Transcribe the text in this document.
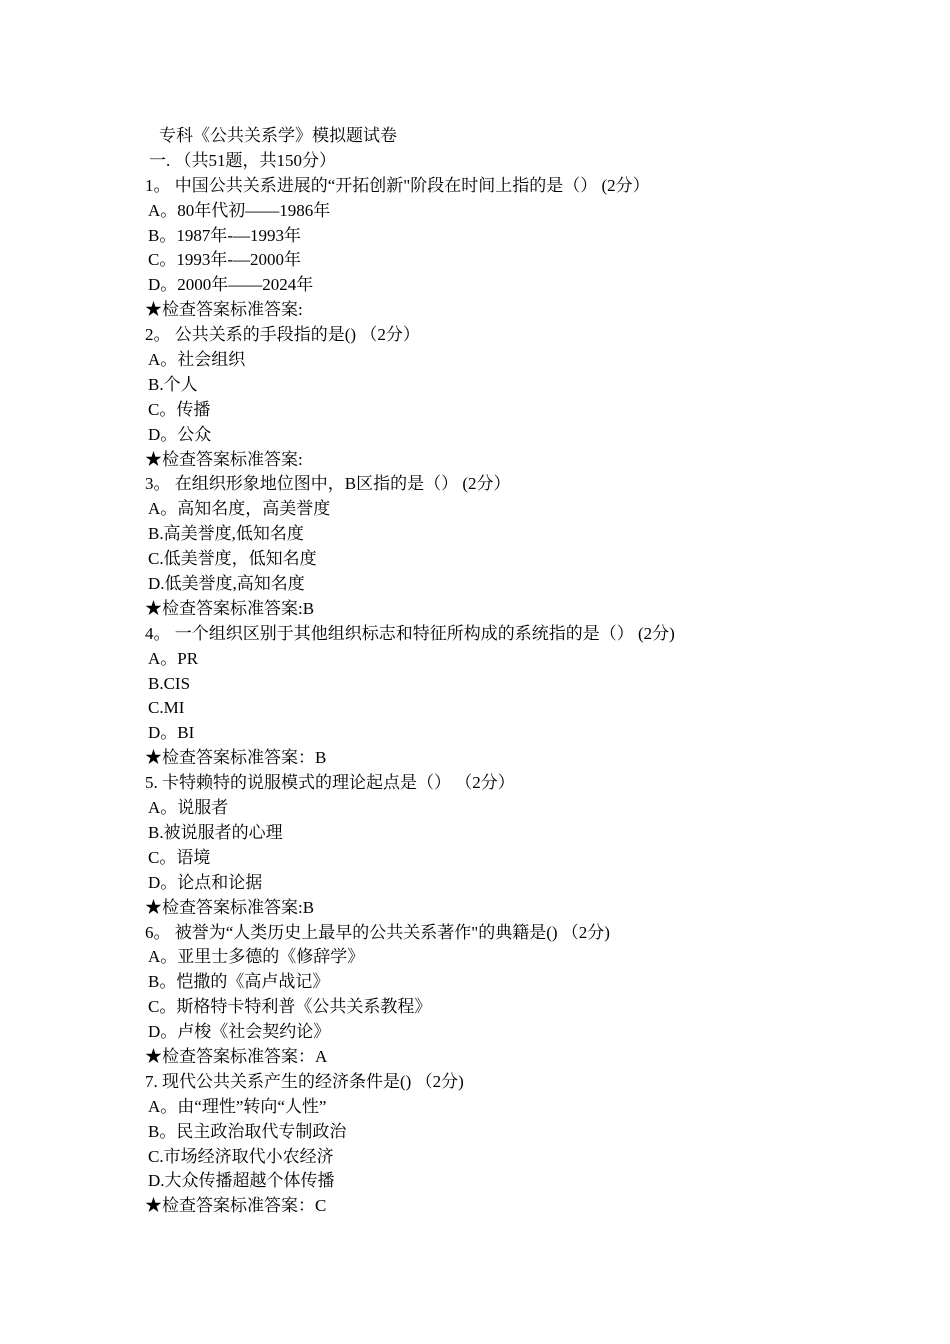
专科《公共关系学》模拟题试卷
一. （共51题，共150分）
1。 中国公共关系进展的“开拓创新"阶段在时间上指的是（） (2分）
A。80年代初——1986年
B。1987年-—1993年
C。1993年-—2000年
D。2000年——2024年
★检查答案标准答案:
2。 公共关系的手段指的是() （2分）
A。社会组织
B.个人
C。传播
D。公众
★检查答案标准答案:
3。 在组织形象地位图中，B区指的是（） (2分）
A。高知名度，高美誉度
B.高美誉度,低知名度
C.低美誉度，低知名度
D.低美誉度,高知名度
★检查答案标准答案:B
4。 一个组织区别于其他组织标志和特征所构成的系统指的是（） (2分)
A。PR
B.CIS
C.MI
D。BI
★检查答案标准答案：B
5. 卡特赖特的说服模式的理论起点是（） （2分）
A。说服者
B.被说服者的心理
C。语境
D。论点和论据
★检查答案标准答案:B
6。 被誉为“人类历史上最早的公共关系著作"的典籍是() （2分)
A。亚里士多德的《修辞学》
B。恺撒的《高卢战记》
C。斯格特卡特利普《公共关系教程》
D。卢梭《社会契约论》
★检查答案标准答案：A
7. 现代公共关系产生的经济条件是() （2分)
A。由“理性”转向“人性”
B。民主政治取代专制政治
C.市场经济取代小农经济
D.大众传播超越个体传播
★检查答案标准答案：C
